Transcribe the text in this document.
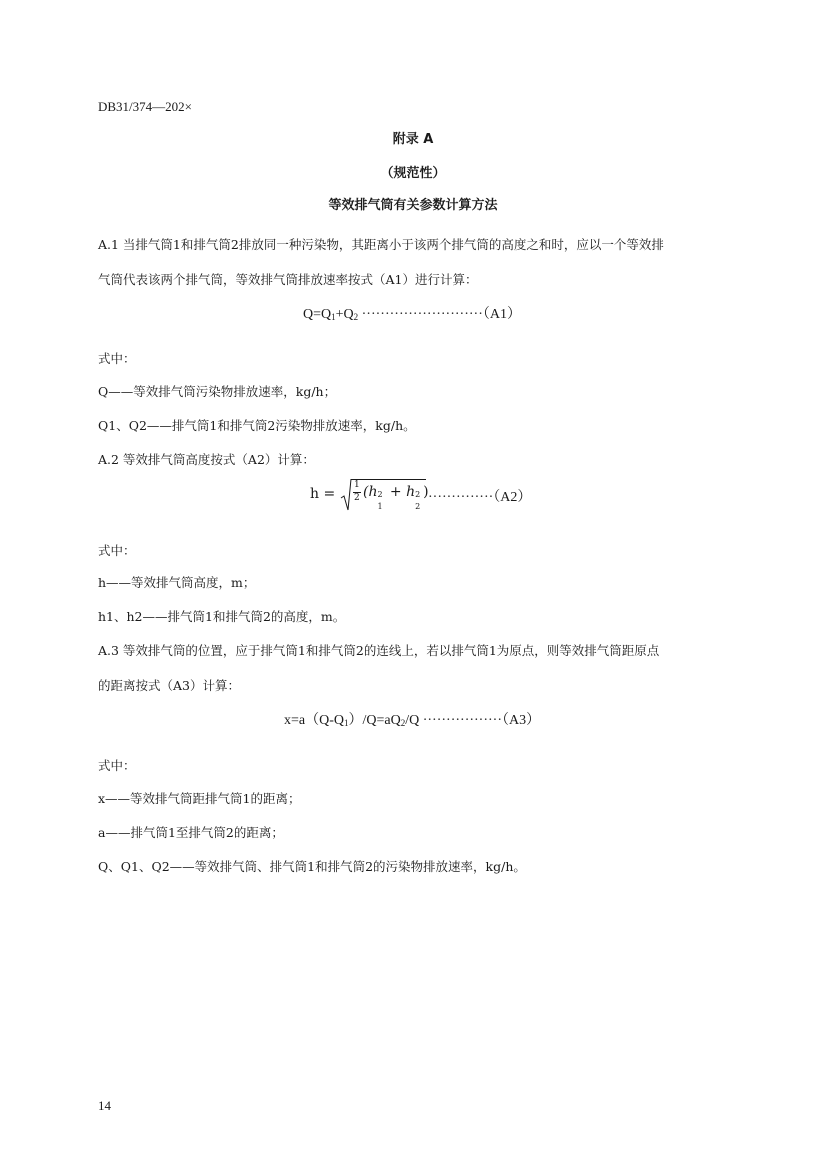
DB31/374—202×
附录 A
（规范性）
等效排气筒有关参数计算方法
A.1 当排气筒1和排气筒2排放同一种污染物，其距离小于该两个排气筒的高度之和时，应以一个等效排
气筒代表该两个排气筒，等效排气筒排放速率按式（A1）进行计算：
$Q=Q_1+Q_2 \cdot\cdot\cdot\cdot\cdot\cdot\cdot\cdot\cdot\cdot\cdot\cdot\cdot\cdot\cdot\cdot\cdot\cdot\cdot\cdot\cdot\cdot\cdot\cdot\cdot\cdot(A1)$
式中：
Q——等效排气筒污染物排放速率，kg/h；
Q1、Q2——排气筒1和排气筒2污染物排放速率，kg/h。
A.2 等效排气筒高度按式（A2）计算：
h =
1
2 (h 2
1
+ h 2
2
) ··············（A2）
式中：
h——等效排气筒高度，m；
h1、h2——排气筒1和排气筒2的高度，m。
A.3 等效排气筒的位置，应于排气筒1和排气筒2的连线上，若以排气筒1为原点，则等效排气筒距原点
的距离按式（A3）计算：
$x=a(Q-Q_1)/Q=aQ_2/Q \cdot\cdot\cdot\cdot\cdot\cdot\cdot\cdot\cdot\cdot\cdot\cdot\cdot\cdot\cdot\cdot\cdot(A3)$
式中：
x——等效排气筒距排气筒1的距离；
a——排气筒1至排气筒2的距离；
Q、Q1、Q2——等效排气筒、排气筒1和排气筒2的污染物排放速率，kg/h。
14
